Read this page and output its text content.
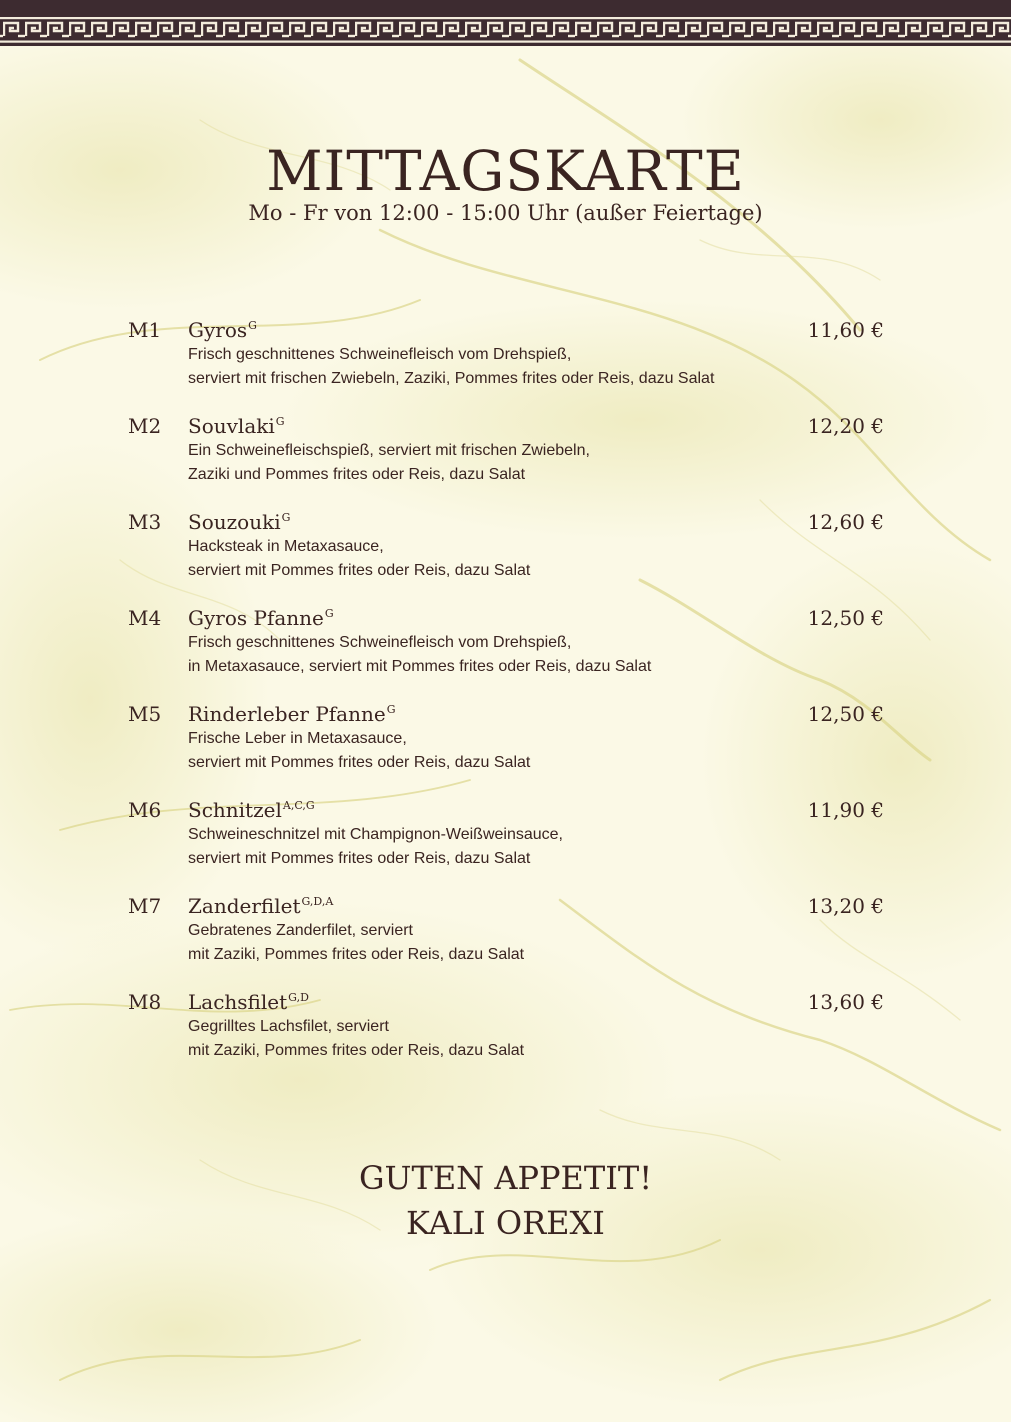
MITTAGSKARTE
Mo - Fr von 12:00 - 15:00 Uhr (außer Feiertage)
M1 Gyros$^G$	11,60 €
Frisch geschnittenes Schweinefleisch vom Drehspieß,
serviert mit frischen Zwiebeln, Zaziki, Pommes frites oder Reis, dazu Salat
M2 Souvlaki$^G$	12,20 €
Ein Schweinefleischspieß, serviert mit frischen Zwiebeln,
Zaziki und Pommes frites oder Reis, dazu Salat
M3 Souzouki$^G$	12,60 €
Hacksteak in Metaxasauce,
serviert mit Pommes frites oder Reis, dazu Salat
M4 Gyros Pfanne$^G$	12,50 €
Frisch geschnittenes Schweinefleisch vom Drehspieß,
in Metaxasauce, serviert mit Pommes frites oder Reis, dazu Salat
M5 Rinderleber Pfanne$^G$	12,50 €
Frische Leber in Metaxasauce,
serviert mit Pommes frites oder Reis, dazu Salat
M6 Schnitzel$^{A,C,G}$	11,90 €
Schweineschnitzel mit Champignon-Weißweinsauce,
serviert mit Pommes frites oder Reis, dazu Salat
M7 Zanderfilet$^{G,D,A}$	13,20 €
Gebratenes Zanderfilet, serviert
mit Zaziki, Pommes frites oder Reis, dazu Salat
M8 Lachsfilet$^{G,D}$	13,60 €
Gegrilltes Lachsfilet, serviert
mit Zaziki, Pommes frites oder Reis, dazu Salat
GUTEN APPETIT!
KALI OREXI
